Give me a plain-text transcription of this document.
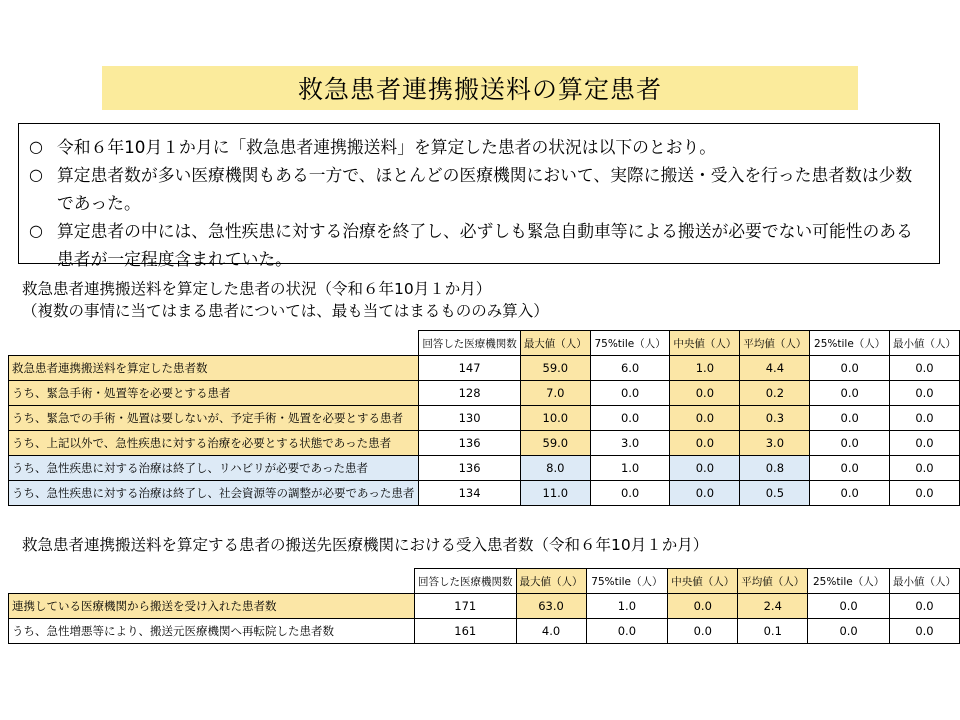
救急患者連携搬送料の算定患者
○ 令和６年10月１か月に「救急患者連携搬送料」を算定した患者の状況は以下のとおり。
○ 算定患者数が多い医療機関もある一方で、ほとんどの医療機関において、実際に搬送・受入を行った患者数は少数であった。
○ 算定患者の中には、急性疾患に対する治療を終了し、必ずしも緊急自動車等による搬送が必要でない可能性のある患者が一定程度含まれていた。
救急患者連携搬送料を算定した患者の状況（令和６年10月１か月）
（複数の事情に当てはまる患者については、最も当てはまるもののみ算入）
	回答した医療機関数	最大値（人）	75%tile（人）	中央値（人）	平均値（人）	25%tile（人）	最小値（人）
救急患者連携搬送料を算定した患者数	147	59.0	6.0	1.0	4.4	0.0	0.0
うち、緊急手術・処置等を必要とする患者	128	7.0	0.0	0.0	0.2	0.0	0.0
うち、緊急での手術・処置は要しないが、予定手術・処置を必要とする患者	130	10.0	0.0	0.0	0.3	0.0	0.0
うち、上記以外で、急性疾患に対する治療を必要とする状態であった患者	136	59.0	3.0	0.0	3.0	0.0	0.0
うち、急性疾患に対する治療は終了し、リハビリが必要であった患者	136	8.0	1.0	0.0	0.8	0.0	0.0
うち、急性疾患に対する治療は終了し、社会資源等の調整が必要であった患者	134	11.0	0.0	0.0	0.5	0.0	0.0
救急患者連携搬送料を算定する患者の搬送先医療機関における受入患者数（令和６年10月１か月）
	回答した医療機関数	最大値（人）	75%tile（人）	中央値（人）	平均値（人）	25%tile（人）	最小値（人）
連携している医療機関から搬送を受け入れた患者数	171	63.0	1.0	0.0	2.4	0.0	0.0
うち、急性増悪等により、搬送元医療機関へ再転院した患者数	161	4.0	0.0	0.0	0.1	0.0	0.0
